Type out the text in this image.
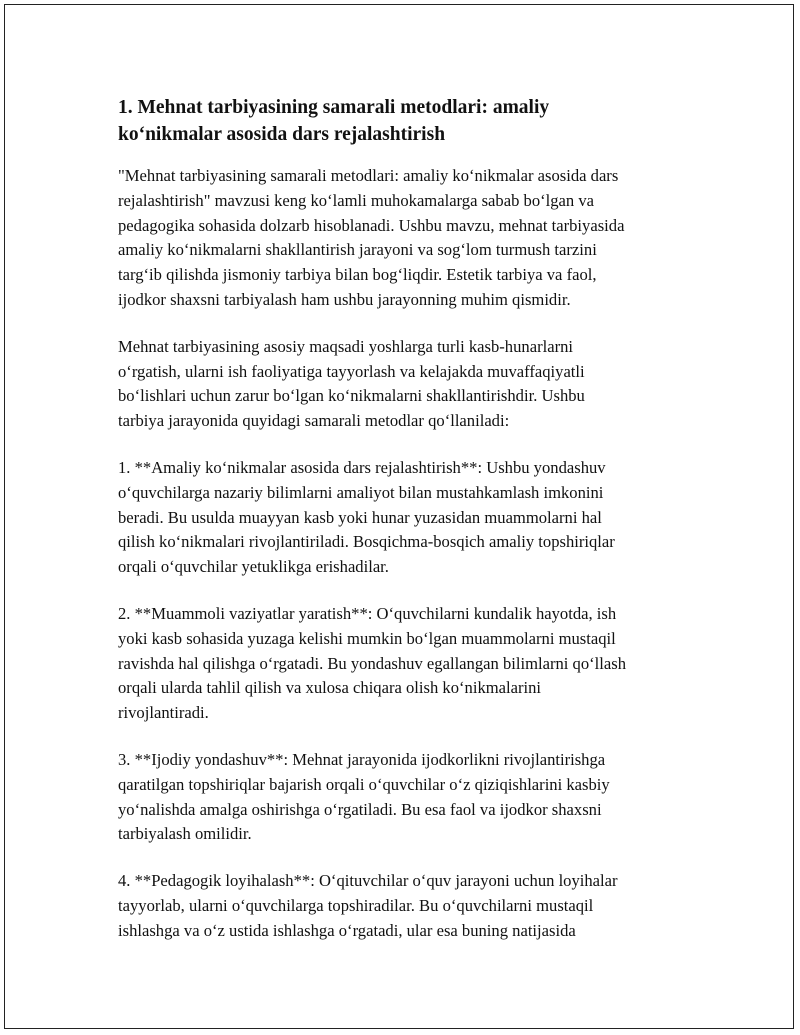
1. Mehnat tarbiyasining samarali metodlari: amaliy
ko‘nikmalar asosida dars rejalashtirish

"Mehnat tarbiyasining samarali metodlari: amaliy ko‘nikmalar asosida dars
rejalashtirish" mavzusi keng ko‘lamli muhokamalarga sabab bo‘lgan va
pedagogika sohasida dolzarb hisoblanadi. Ushbu mavzu, mehnat tarbiyasida
amaliy ko‘nikmalarni shakllantirish jarayoni va sog‘lom turmush tarzini
targ‘ib qilishda jismoniy tarbiya bilan bog‘liqdir. Estetik tarbiya va faol,
ijodkor shaxsni tarbiyalash ham ushbu jarayonning muhim qismidir.

Mehnat tarbiyasining asosiy maqsadi yoshlarga turli kasb-hunarlarni
o‘rgatish, ularni ish faoliyatiga tayyorlash va kelajakda muvaffaqiyatli
bo‘lishlari uchun zarur bo‘lgan ko‘nikmalarni shakllantirishdir. Ushbu
tarbiya jarayonida quyidagi samarali metodlar qo‘llaniladi:

1. **Amaliy ko‘nikmalar asosida dars rejalashtirish**: Ushbu yondashuv
o‘quvchilarga nazariy bilimlarni amaliyot bilan mustahkamlash imkonini
beradi. Bu usulda muayyan kasb yoki hunar yuzasidan muammolarni hal
qilish ko‘nikmalari rivojlantiriladi. Bosqichma-bosqich amaliy topshiriqlar
orqali o‘quvchilar yetuklikga erishadilar.

2. **Muammoli vaziyatlar yaratish**: O‘quvchilarni kundalik hayotda, ish
yoki kasb sohasida yuzaga kelishi mumkin bo‘lgan muammolarni mustaqil
ravishda hal qilishga o‘rgatadi. Bu yondashuv egallangan bilimlarni qo‘llash
orqali ularda tahlil qilish va xulosa chiqara olish ko‘nikmalarini
rivojlantiradi.

3. **Ijodiy yondashuv**: Mehnat jarayonida ijodkorlikni rivojlantirishga
qaratilgan topshiriqlar bajarish orqali o‘quvchilar o‘z qiziqishlarini kasbiy
yo‘nalishda amalga oshirishga o‘rgatiladi. Bu esa faol va ijodkor shaxsni
tarbiyalash omilidir.

4. **Pedagogik loyihalash**: O‘qituvchilar o‘quv jarayoni uchun loyihalar
tayyorlab, ularni o‘quvchilarga topshiradilar. Bu o‘quvchilarni mustaqil
ishlashga va o‘z ustida ishlashga o‘rgatadi, ular esa buning natijasida
